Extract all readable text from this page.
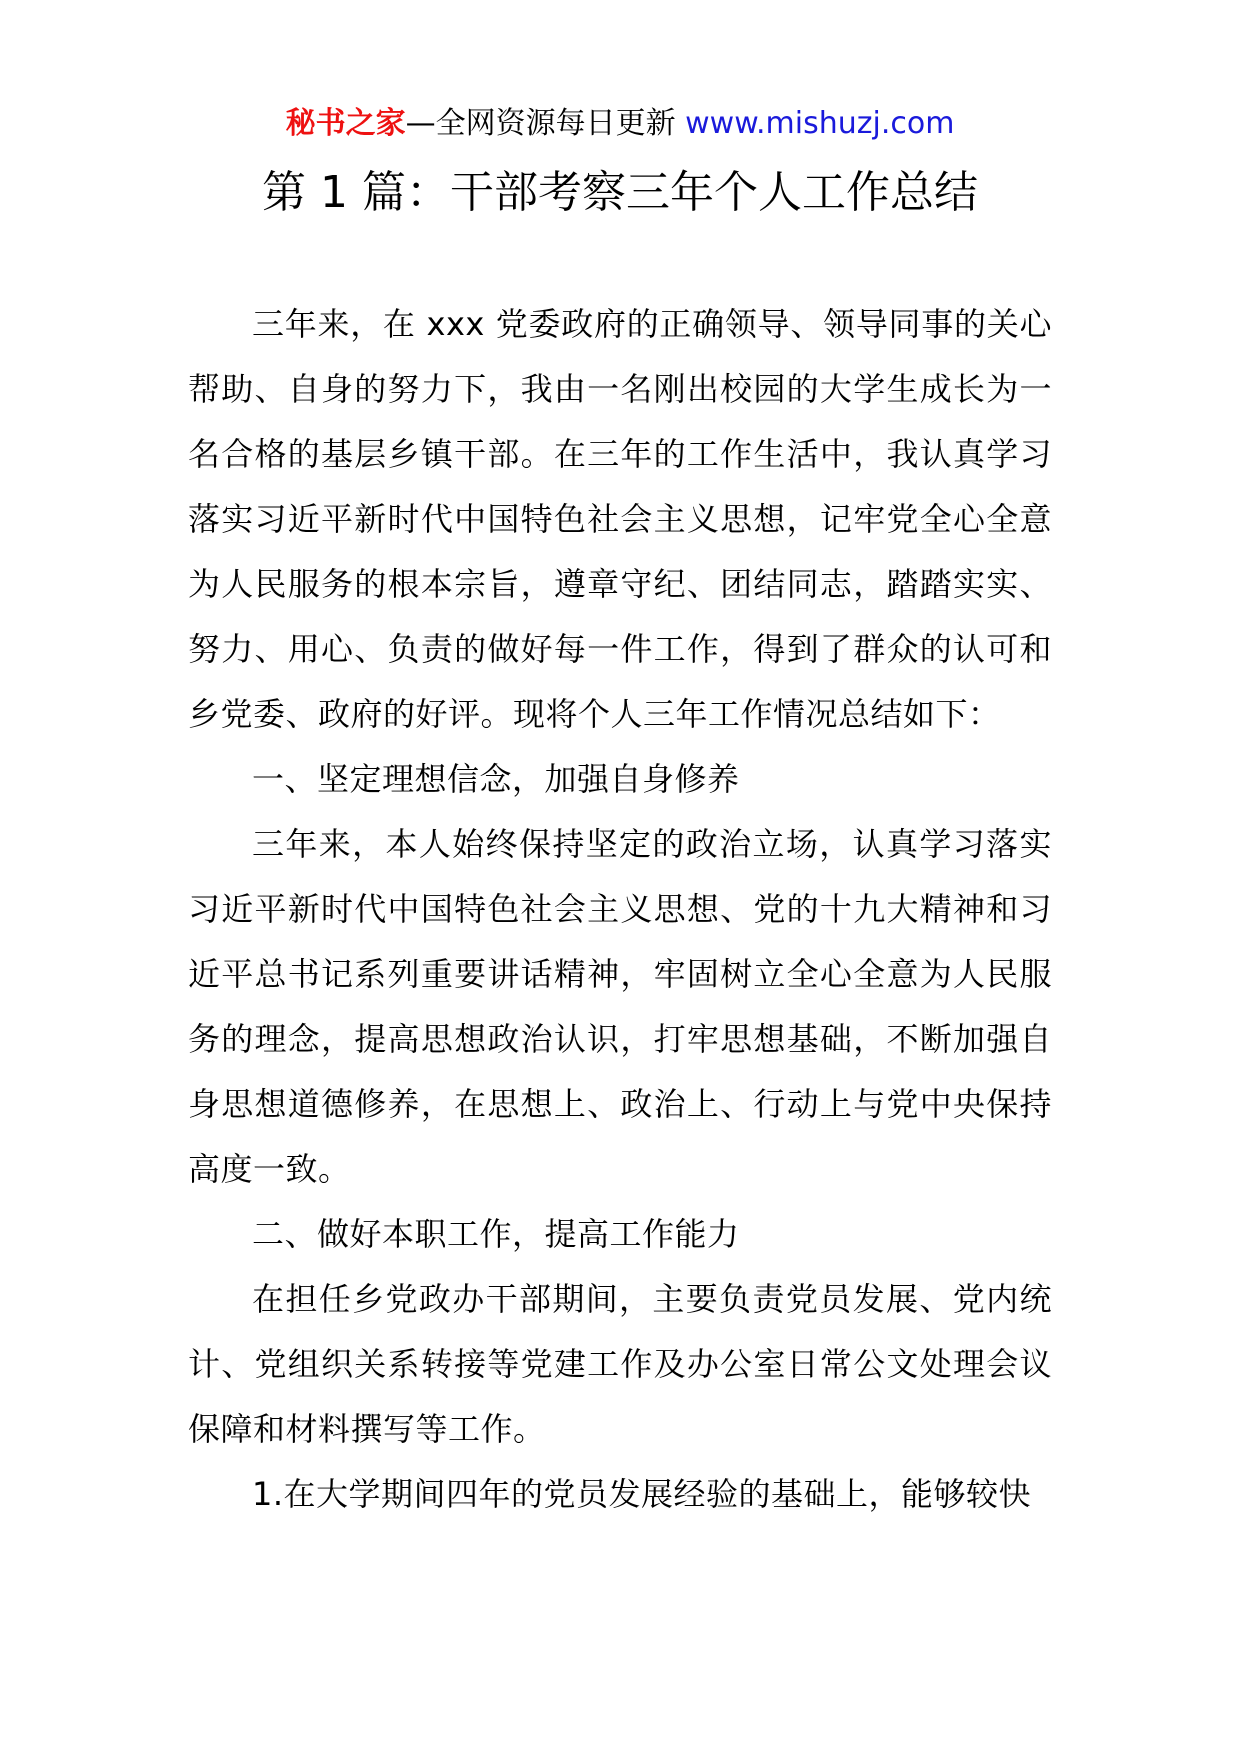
秘书之家—全网资源每日更新 www.mishuzj.com
第 1 篇：干部考察三年个人工作总结

三年来，在 xxx 党委政府的正确领导、领导同事的关心帮助、自身的努力下，我由一名刚出校园的大学生成长为一名合格的基层乡镇干部。在三年的工作生活中，我认真学习落实习近平新时代中国特色社会主义思想，记牢党全心全意为人民服务的根本宗旨，遵章守纪、团结同志，踏踏实实、努力、用心、负责的做好每一件工作，得到了群众的认可和乡党委、政府的好评。现将个人三年工作情况总结如下：

一、坚定理想信念，加强自身修养

三年来，本人始终保持坚定的政治立场，认真学习落实习近平新时代中国特色社会主义思想、党的十九大精神和习近平总书记系列重要讲话精神，牢固树立全心全意为人民服务的理念，提高思想政治认识，打牢思想基础，不断加强自身思想道德修养，在思想上、政治上、行动上与党中央保持高度一致。

二、做好本职工作，提高工作能力

在担任乡党政办干部期间，主要负责党员发展、党内统计、党组织关系转接等党建工作及办公室日常公文处理会议保障和材料撰写等工作。

1.在大学期间四年的党员发展经验的基础上，能够较快
